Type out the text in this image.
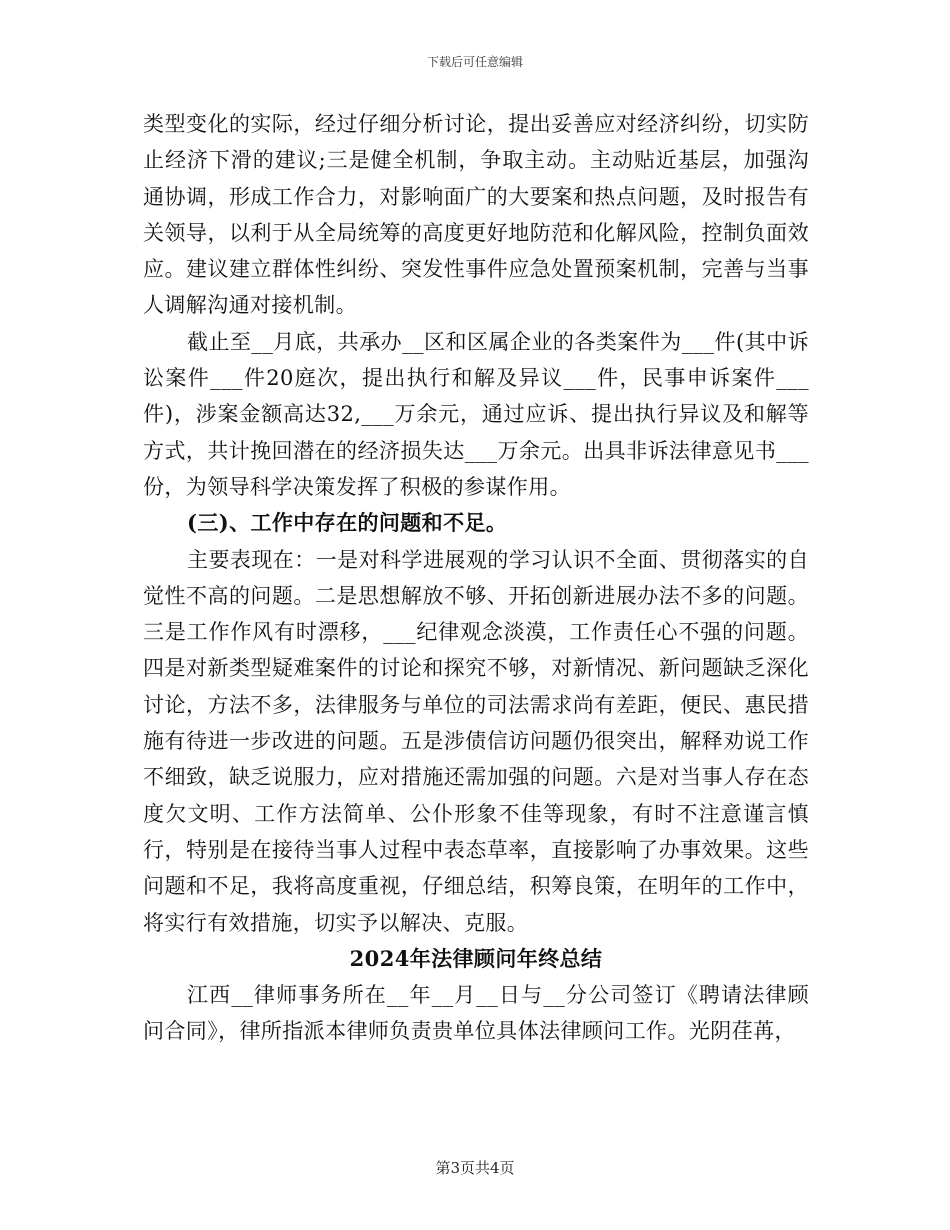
下载后可任意编辑

类型变化的实际，经过仔细分析讨论，提出妥善应对经济纠纷，切实防止经济下滑的建议;三是健全机制，争取主动。主动贴近基层，加强沟通协调，形成工作合力，对影响面广的大要案和热点问题，及时报告有关领导，以利于从全局统筹的高度更好地防范和化解风险，控制负面效应。建议建立群体性纠纷、突发性事件应急处置预案机制，完善与当事人调解沟通对接机制。

截止至__月底，共承办__区和区属企业的各类案件为___件(其中诉讼案件___件20庭次，提出执行和解及异议___件，民事申诉案件___件)，涉案金额高达32,___万余元，通过应诉、提出执行异议及和解等方式，共计挽回潜在的经济损失达___万余元。出具非诉法律意见书___份，为领导科学决策发挥了积极的参谋作用。

(三)、工作中存在的问题和不足。

主要表现在：一是对科学进展观的学习认识不全面、贯彻落实的自觉性不高的问题。二是思想解放不够、开拓创新进展办法不多的问题。三是工作作风有时漂移，___纪律观念淡漠，工作责任心不强的问题。四是对新类型疑难案件的讨论和探究不够，对新情况、新问题缺乏深化讨论，方法不多，法律服务与单位的司法需求尚有差距，便民、惠民措施有待进一步改进的问题。五是涉债信访问题仍很突出，解释劝说工作不细致，缺乏说服力，应对措施还需加强的问题。六是对当事人存在态度欠文明、工作方法简单、公仆形象不佳等现象，有时不注意谨言慎行，特别是在接待当事人过程中表态草率，直接影响了办事效果。这些问题和不足，我将高度重视，仔细总结，积筹良策，在明年的工作中，将实行有效措施，切实予以解决、克服。

2024年法律顾问年终总结

江西__律师事务所在__年__月__日与__分公司签订《聘请法律顾问合同》，律所指派本律师负责贵单位具体法律顾问工作。光阴荏苒，

第3页共4页
